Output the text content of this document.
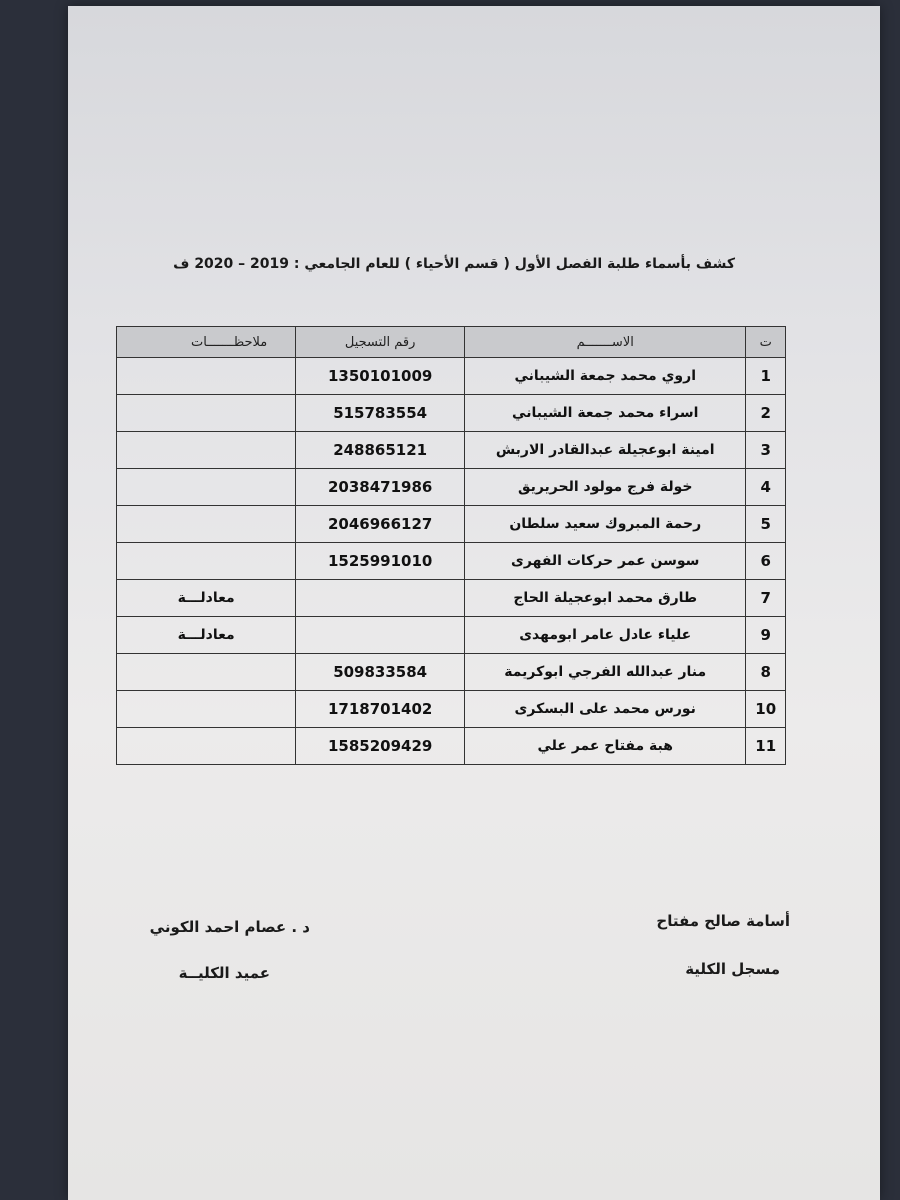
كشف بأسماء طلبة الفصل الأول ( قسم الأحياء ) للعام الجامعي : 2019 – 2020 ف
ت	الاســـــــم	رقم التسجيل	ملاحظـــــــات
1	اروي محمد جمعة الشيباني	1350101009	
2	اسراء محمد جمعة الشيباني	515783554	
3	امينة ابوعجيلة عبدالقادر الاربش	248865121	
4	خولة فرج مولود الحريريق	2038471986	
5	رحمة المبروك سعيد سلطان	2046966127	
6	سوسن عمر حركات الفهرى	1525991010	
7	طارق محمد ابوعجيلة الحاج		معادلـــة
9	علياء عادل عامر ابومهدى		معادلـــة
8	منار عبدالله الفرجي ابوكريمة	509833584	
10	نورس محمد على البسكرى	1718701402	
11	هبة مفتاح عمر علي	1585209429	
أسامة صالح مفتاح
مسجل الكلية
د . عصام احمد الكوني
عميد الكليــة
